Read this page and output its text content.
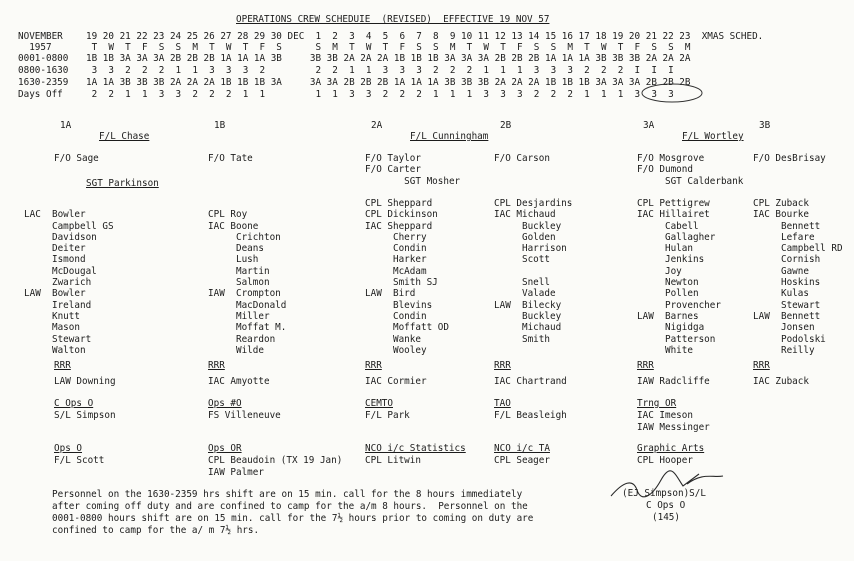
OPERATIONS CREW SCHEDUIE  (REVISED)  EFFECTIVE 19 NOV 57
NOVEMBER 19 20 21 22 23 24 25 26 27 28 29 30 DEC  1  2  3  4  5  6  7  8  9 10 11 12 13 14 15 16 17 18 19 20 21 22 23  XMAS SCHED.
1957	T  W  T  F  S  S  M  T  W  T  F  S      S  M  T  W  T  F  S  S  M  T  W  T  F  S  S  M  T  W  T  F  S  S  M
0001-0800 1B 1B 3A 3A 3A 2B 2B 2B 1A 1A 1A 3B     3B 3B 2A 2A 2A 1B 1B 1B 3A 3A 3A 2B 2B 2B 1A 1A 1A 3B 3B 3B 2A 2A 2A
0800-1630 3  3  2  2  2  1  1  3  3  3  2         2  2  1  1  3  3  3  2  2  2  1  1  1  3  3  3  2  2  2  I  I  I
1630-2359 1A 1A 3B 3B 3B 2A 2A 2A 1B 1B 1B 3A     3A 3A 2B 2B 2B 1A 1A 1A 3B 3B 3B 2A 2A 2A 1B 1B 1B 3A 3A 3A 2B 2B 2B
Days Off 2  2  1  1  3  3  2  2  2  1  1         1  1  3  3  2  2  2  1  1  1  3  3  3  2  2  2  1  1  1  3  3  3
1A
F/L Chase
SGT Parkinson
F/O Sage
LAC  Bowler
Campbell GS
Davidson
Deiter
Ismond
McDougal
Zwarich
LAW  Bowler
Ireland
Knutt
Mason
Stewart
Walton
RRR
LAW Downing
C Ops O
S/L Simpson
Ops O
F/L Scott
1B
F/O Tate
CPL Roy
IAC Boone
Crichton
Deans
Lush
Martin
Salmon
IAW  Crompton
MacDonald
Miller
Moffat M.
Reardon
Wilde
RRR
IAC Amyotte
Ops #O
FS Villeneuve
Ops OR
CPL Beaudoin (TX 19 Jan)
IAW Palmer
2A
F/L Cunningham
F/O Taylor
F/O Carter
SGT Mosher
CPL Sheppard
CPL Dickinson
IAC Sheppard
Cherry
Condin
Harker
McAdam
Smith SJ
LAW  Bird
Blevins
Condin
Moffatt OD
Wanke
Wooley
RRR
IAC Cormier
CEMTO
F/L Park
NCO i/c Statistics
CPL Litwin
2B
F/O Carson
CPL Desjardins
IAC Michaud
Buckley
Golden
Harrison
Scott
Snell
Valade
LAW  Bilecky
Buckley
Michaud
Smith
RRR
IAC Chartrand
TAO
F/L Beasleigh
NCO i/c TA
CPL Seager
3A
F/L Wortley
F/O Mosgrove
F/O Dumond
SGT Calderbank
CPL Pettigrew
IAC Hillairet
Cabell
Gallagher
Hulan
Jenkins
Joy
Newton
Pollen
Provencher
LAW  Barnes
Nigidga
Patterson
White
RRR
IAW Radcliffe
Trng OR
IAC Imeson
IAW Messinger
Graphic Arts
CPL Hooper
3B
F/O DesBrisay
CPL Zuback
IAC Bourke
Bennett
Lefare
Campbell RD
Cornish
Gawne
Hoskins
Kulas
Stewart
LAW  Bennett
Jonsen
Podolski
Reilly
RRR
IAC Zuback
Personnel on the 1630-2359 hrs shift are on 15 min. call for the 8 hours immediately
after coming off duty and are confined to camp for the a/m 8 hours.  Personnel on the
0001-0800 hours shift are on 15 min. call for the 7½ hours prior to coming on duty are
confined to camp for the a/ m 7½ hrs.
(EJ Simpson)S/L
C Ops O
(145)
